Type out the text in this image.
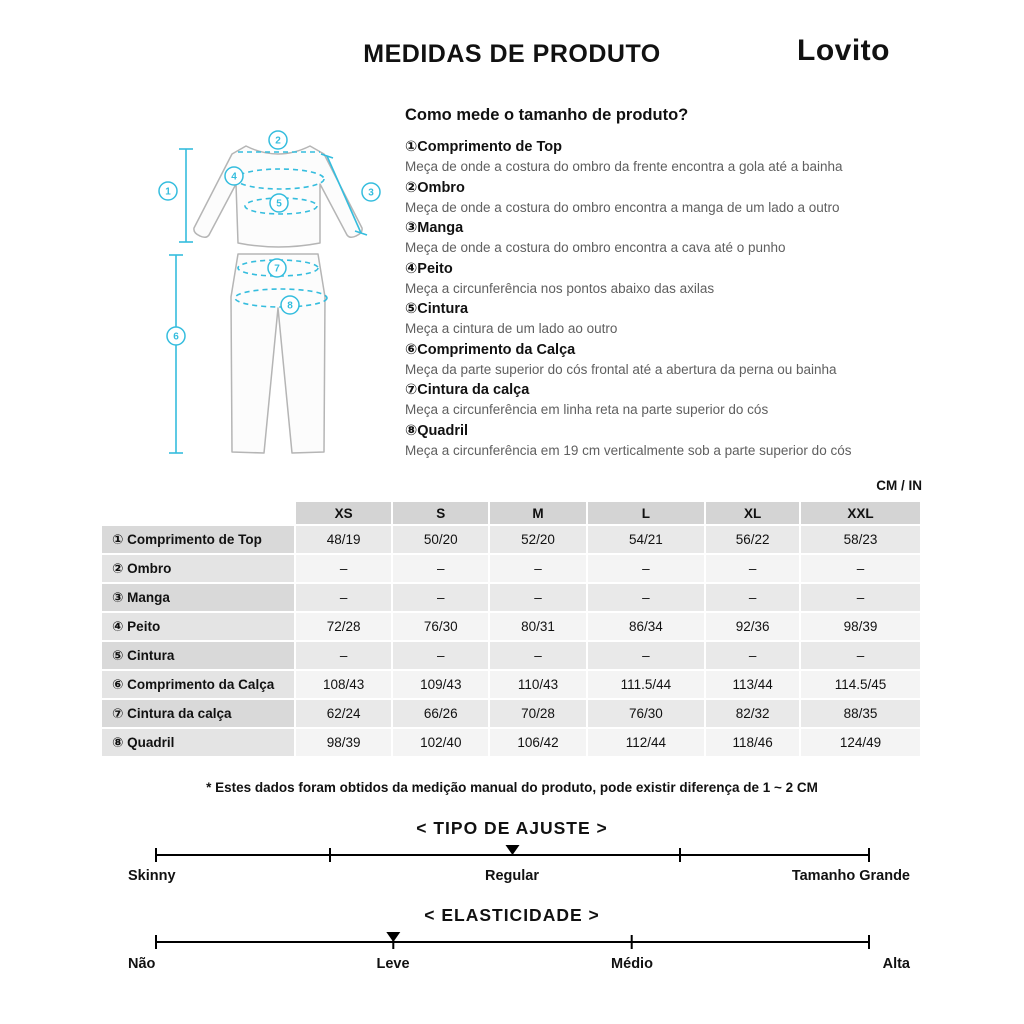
MEDIDAS DE PRODUTO	Lovito
1
2
3
4
5
6
7
8
Como mede o tamanho de produto?
①Comprimento de Top
Meça de onde a costura do ombro da frente encontra a gola até a bainha
②Ombro
Meça de onde a costura do ombro encontra a manga de um lado a outro
③Manga
Meça de onde a costura do ombro encontra a cava até o punho
④Peito
Meça a circunferência nos pontos abaixo das axilas
⑤Cintura
Meça a cintura de um lado ao outro
⑥Comprimento da Calça
Meça da parte superior do cós frontal até a abertura da perna ou bainha
⑦Cintura da calça
Meça a circunferência em linha reta na parte superior do cós
⑧Quadril
Meça a circunferência em 19 cm verticalmente sob a parte superior do cós
CM / IN
	XS	S	M	L	XL	XXL
① Comprimento de Top	48/19	50/20	52/20	54/21	56/22	58/23
② Ombro	–	–	–	–	–	–
③ Manga	–	–	–	–	–	–
④ Peito	72/28	76/30	80/31	86/34	92/36	98/39
⑤ Cintura	–	–	–	–	–	–
⑥ Comprimento da Calça	108/43	109/43	110/43	111.5/44	113/44	114.5/45
⑦ Cintura da calça	62/24	66/26	70/28	76/30	82/32	88/35
⑧ Quadril	98/39	102/40	106/42	112/44	118/46	124/49
* Estes dados foram obtidos da medição manual do produto, pode existir diferença de 1 ~ 2 CM
< TIPO DE AJUSTE >
Skinny	Regular	Tamanho Grande
< ELASTICIDADE >
Não	Leve	Médio	Alta
